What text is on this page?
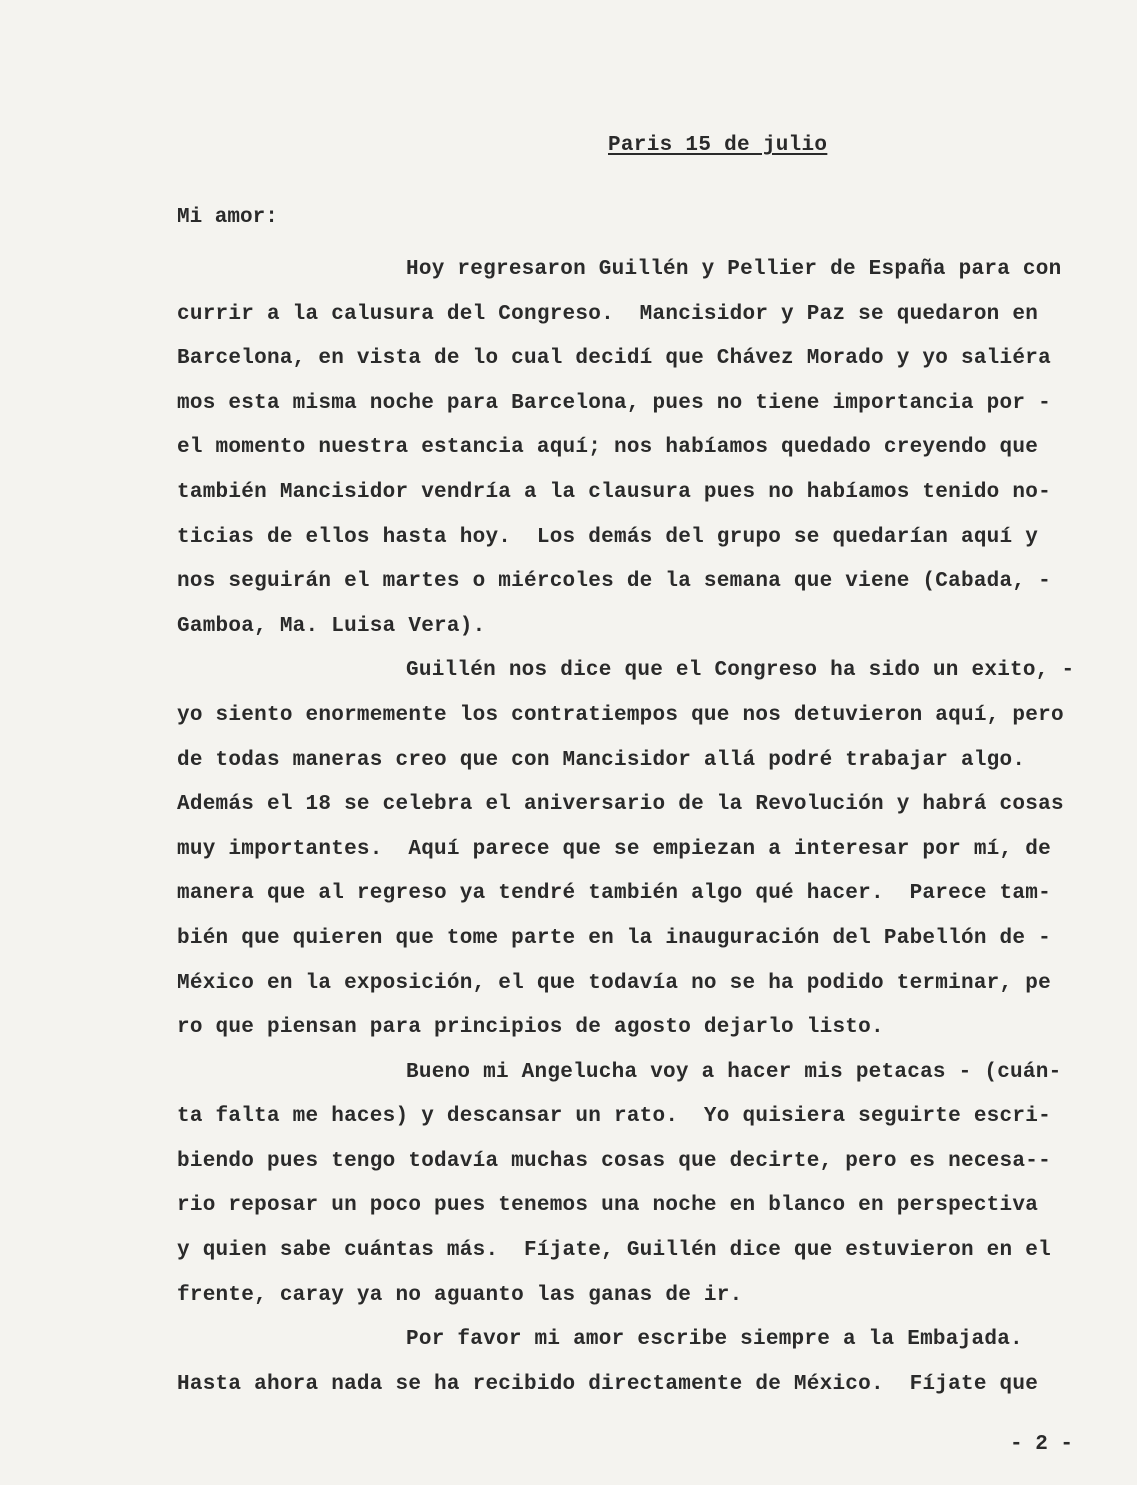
Paris 15 de julio
Mi amor:
Hoy regresaron Guillén y Pellier de España para con
currir a la calusura del Congreso.  Mancisidor y Paz se quedaron en
Barcelona, en vista de lo cual decidí que Chávez Morado y yo saliéra
mos esta misma noche para Barcelona, pues no tiene importancia por -
el momento nuestra estancia aquí; nos habíamos quedado creyendo que
también Mancisidor vendría a la clausura pues no habíamos tenido no-
ticias de ellos hasta hoy.  Los demás del grupo se quedarían aquí y
nos seguirán el martes o miércoles de la semana que viene (Cabada, -
Gamboa, Ma. Luisa Vera).
Guillén nos dice que el Congreso ha sido un exito, -
yo siento enormemente los contratiempos que nos detuvieron aquí, pero
de todas maneras creo que con Mancisidor allá podré trabajar algo.
Además el 18 se celebra el aniversario de la Revolución y habrá cosas
muy importantes.  Aquí parece que se empiezan a interesar por mí, de
manera que al regreso ya tendré también algo qué hacer.  Parece tam-
bién que quieren que tome parte en la inauguración del Pabellón de -
México en la exposición, el que todavía no se ha podido terminar, pe
ro que piensan para principios de agosto dejarlo listo.
Bueno mi Angelucha voy a hacer mis petacas - (cuán-
ta falta me haces) y descansar un rato.  Yo quisiera seguirte escri-
biendo pues tengo todavía muchas cosas que decirte, pero es necesa--
rio reposar un poco pues tenemos una noche en blanco en perspectiva
y quien sabe cuántas más.  Fíjate, Guillén dice que estuvieron en el
frente, caray ya no aguanto las ganas de ir.
Por favor mi amor escribe siempre a la Embajada.
Hasta ahora nada se ha recibido directamente de México.  Fíjate que
- 2 -
